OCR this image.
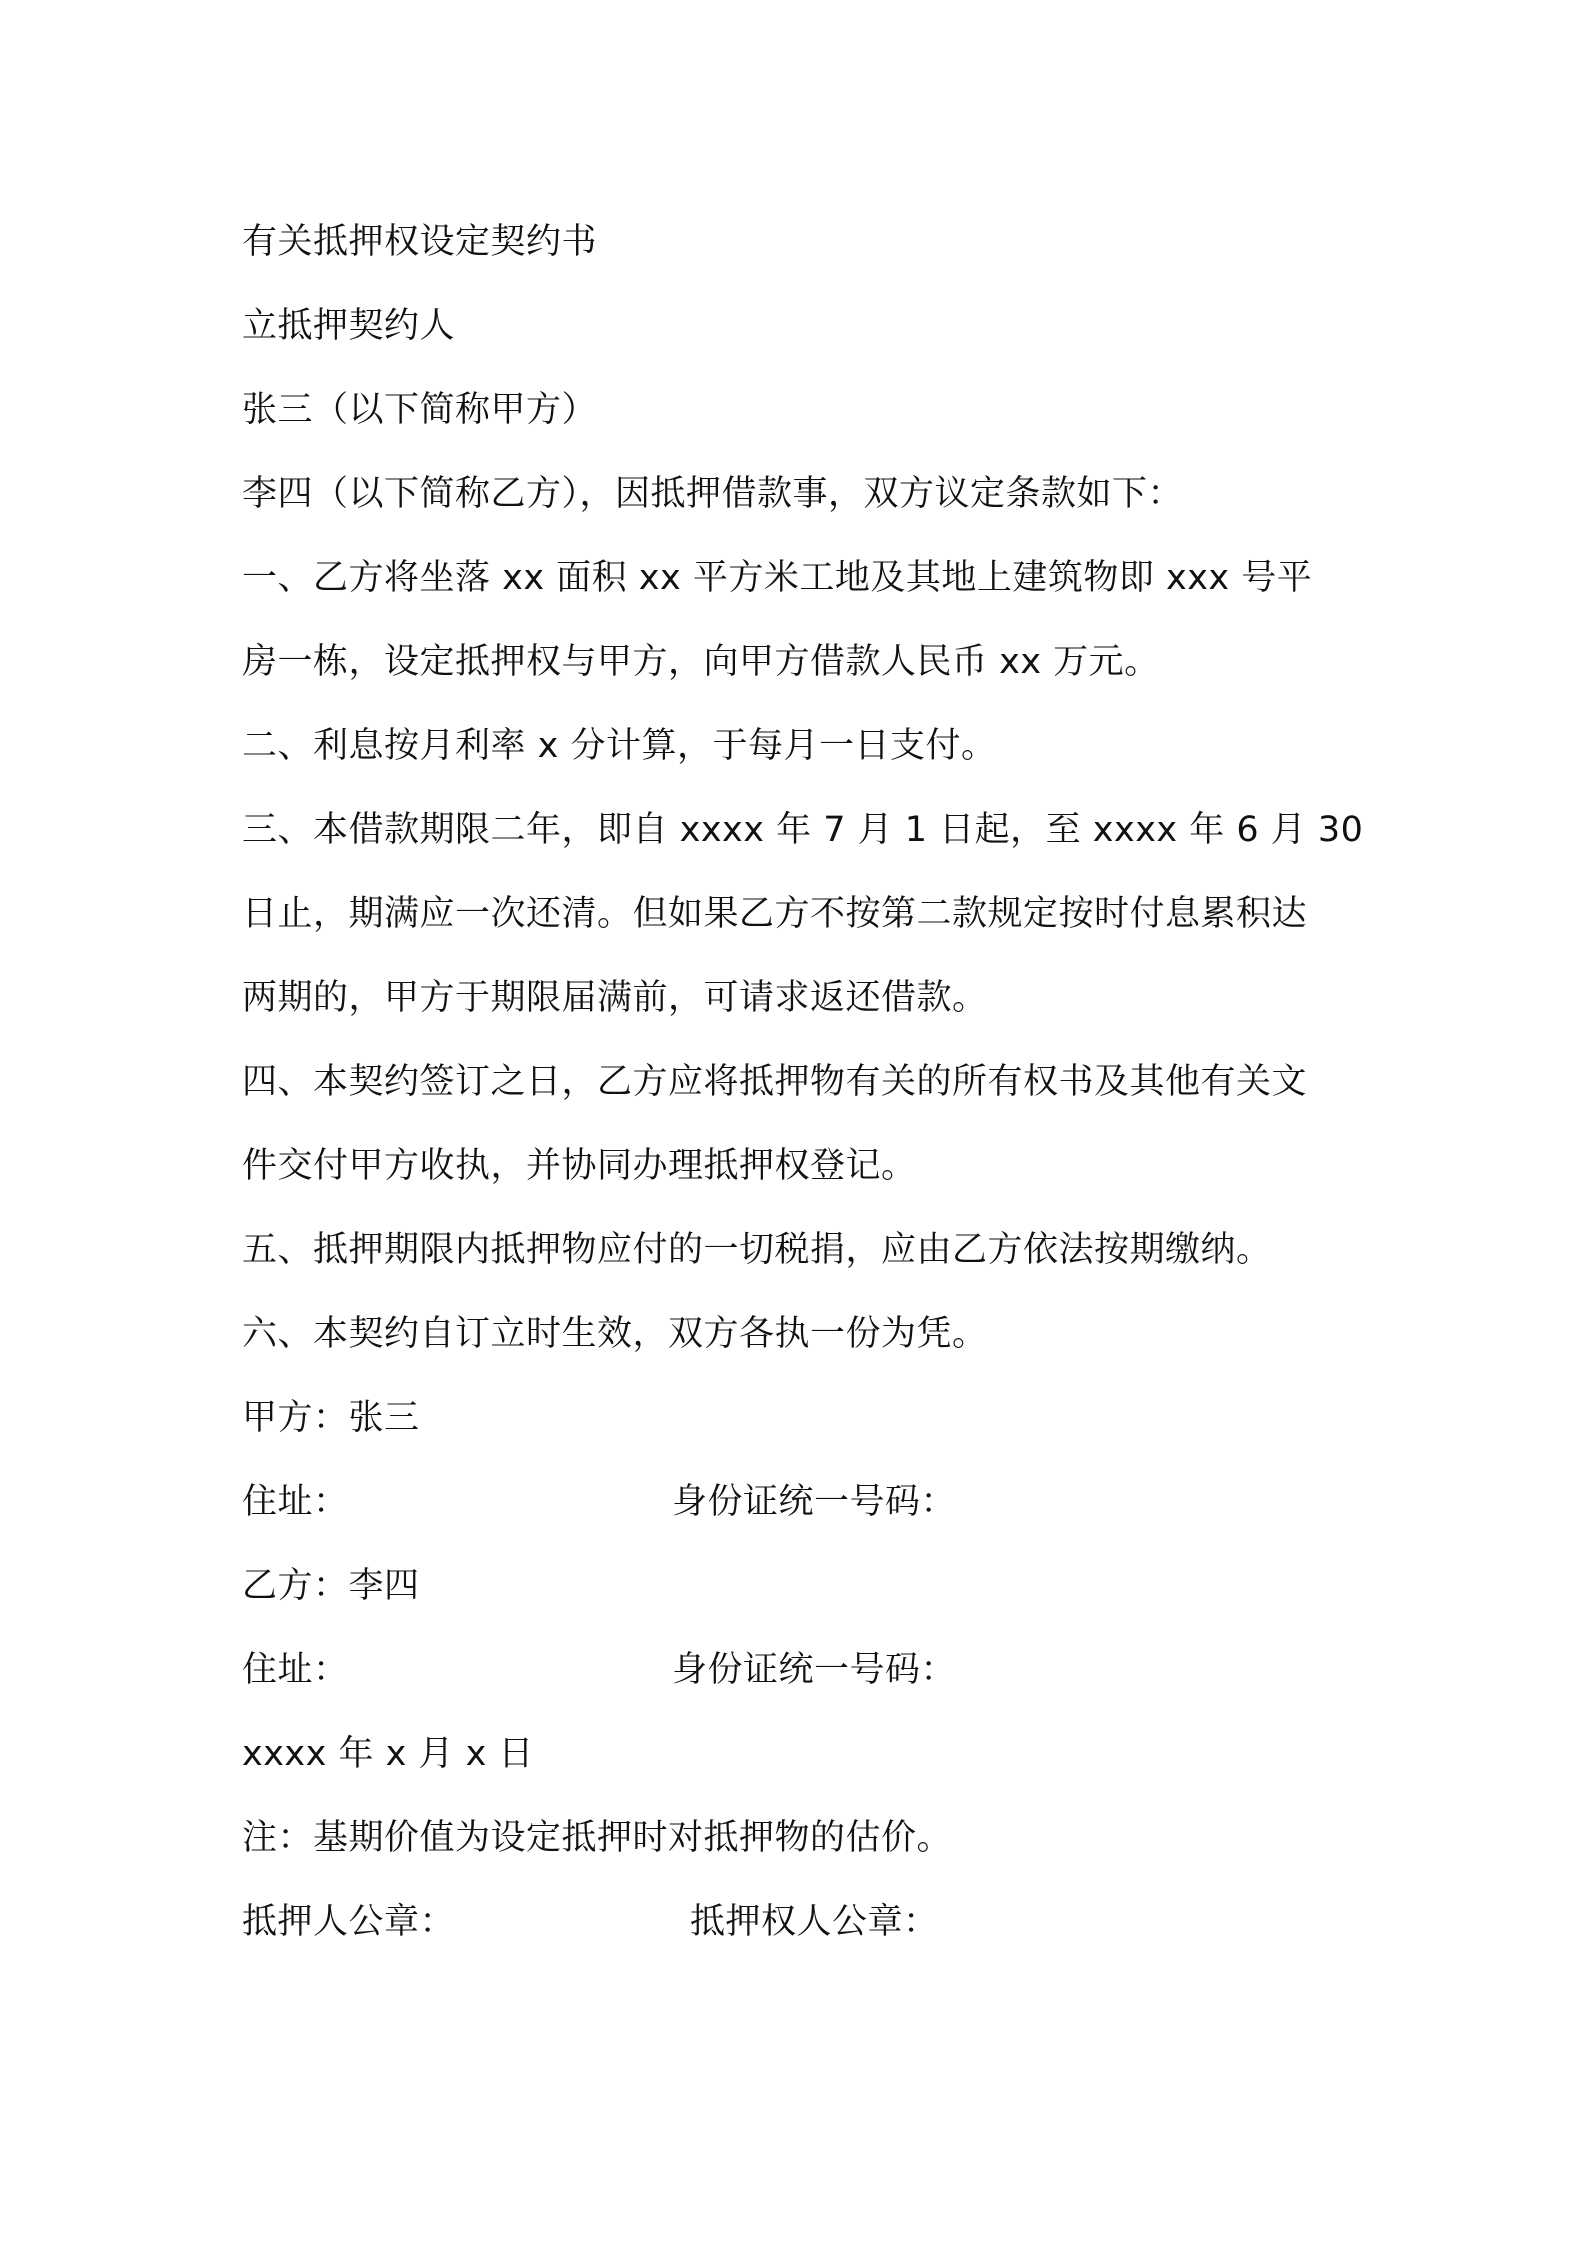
有关抵押权设定契约书
立抵押契约人
张三（以下简称甲方）
李四（以下简称乙方），因抵押借款事，双方议定条款如下：
一、乙方将坐落 xx 面积 xx 平方米工地及其地上建筑物即 xxx 号平
房一栋，设定抵押权与甲方，向甲方借款人民币 xx 万元。
二、利息按月利率 x 分计算，于每月一日支付。
三、本借款期限二年，即自 xxxx 年 7 月 1 日起，至 xxxx 年 6 月 30
日止，期满应一次还清。但如果乙方不按第二款规定按时付息累积达
两期的，甲方于期限届满前，可请求返还借款。
四、本契约签订之日，乙方应将抵押物有关的所有权书及其他有关文
件交付甲方收执，并协同办理抵押权登记。
五、抵押期限内抵押物应付的一切税捐，应由乙方依法按期缴纳。
六、本契约自订立时生效，双方各执一份为凭。
甲方：张三
住址：	身份证统一号码：
乙方：李四
住址：	身份证统一号码：
xxxx 年 x 月 x 日
注：基期价值为设定抵押时对抵押物的估价。
抵押人公章：	抵押权人公章：
